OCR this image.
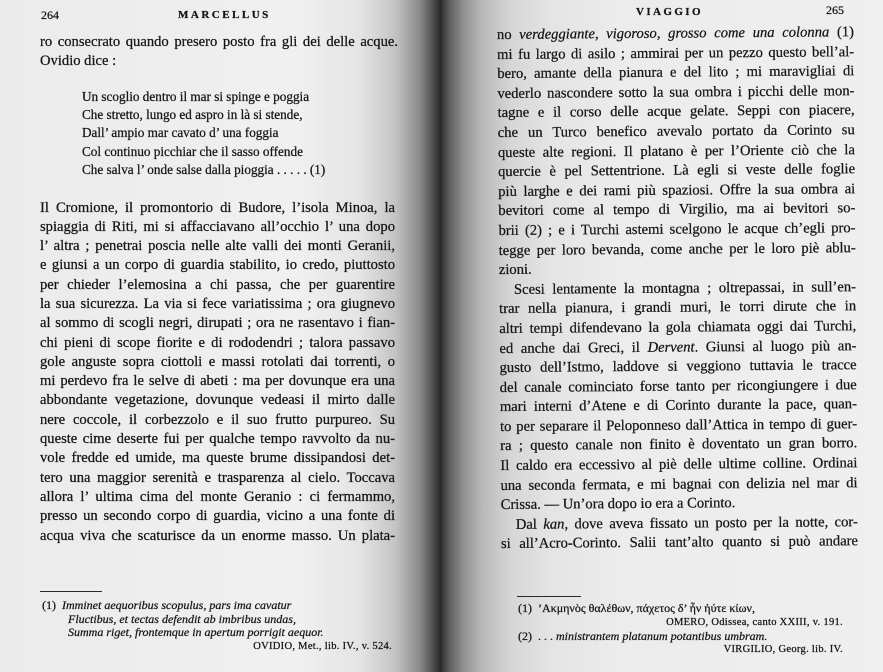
264	MARCELLUS
ro consecrato quando presero posto fra gli dei delle acque.
Ovidio dice :
Un scoglio dentro il mar si spinge e poggia
Che stretto, lungo ed aspro in là si stende,
Dall’ ampio mar cavato d’ una foggia
Col continuo picchiar che il sasso offende
Che salva l’ onde salse dalla pioggia . . . . . (1)
Il Cromione, il promontorio di Budore, l’isola Minoa, la
spiaggia di Riti, mi si affacciavano all’occhio l’ una dopo
l’ altra ; penetrai poscia nelle alte valli dei monti Geranii,
e giunsi a un corpo di guardia stabilito, io credo, piuttosto
per chieder l’elemosina a chi passa, che per guarentire
la sua sicurezza. La via si fece variatissima ; ora giugnevo
al sommo di scogli negri, dirupati ; ora ne rasentavo i fian-
chi pieni di scope fiorite e di rododendri ; talora passavo
gole anguste sopra ciottoli e massi rotolati dai torrenti, o
mi perdevo fra le selve di abeti : ma per dovunque era una
abbondante vegetazione, dovunque vedeasi il mirto dalle
nere coccole, il corbezzolo e il suo frutto purpureo. Su
queste cime deserte fui per qualche tempo ravvolto da nu-
vole fredde ed umide, ma queste brume dissipandosi det-
tero una maggior serenità e trasparenza al cielo. Toccava
allora l’ ultima cima del monte Geranio : ci fermammo,
presso un secondo corpo di guardia, vicino a una fonte di
acqua viva che scaturisce da un enorme masso. Un plata-
(1) Imminet aequoribus scopulus, pars ima cavatur
Fluctibus, et tectas defendit ab imbribus undas,
Summa riget, frontemque in apertum porrigit aequor.
OVIDIO, Met., lib. IV., v. 524.
VIAGGIO	265
no verdeggiante, vigoroso, grosso come una colonna (1)
mi fu largo di asilo ; ammirai per un pezzo questo bell’al-
bero, amante della pianura e del lito ; mi maravigliai di
vederlo nascondere sotto la sua ombra i picchi delle mon-
tagne e il corso delle acque gelate. Seppi con piacere,
che un Turco benefico avevalo portato da Corinto su
queste alte regioni. Il platano è per l’Oriente ciò che la
quercie è pel Settentrione. Là egli si veste delle foglie
più larghe e dei rami più spaziosi. Offre la sua ombra ai
bevitori come al tempo di Virgilio, ma ai bevitori so-
brii (2) ; e i Turchi astemi scelgono le acque ch’egli pro-
tegge per loro bevanda, come anche per le loro piè ablu-
zioni.
Scesi lentamente la montagna ; oltrepassai, in sull’en-
trar nella pianura, i grandi muri, le torri dirute che in
altri tempi difendevano la gola chiamata oggi dai Turchi,
ed anche dai Greci, il Dervent. Giunsi al luogo più an-
gusto dell’Istmo, laddove si veggiono tuttavia le tracce
del canale cominciato forse tanto per ricongiungere i due
mari interni d’Atene e di Corinto durante la pace, quan-
to per separare il Peloponneso dall’Attica in tempo di guer-
ra ; questo canale non finito è doventato un gran borro.
Il caldo era eccessivo al piè delle ultime colline. Ordinai
una seconda fermata, e mi bagnai con delizia nel mar di
Crissa. — Un’ora dopo io era a Corinto.
Dal kan, dove aveva fissato un posto per la notte, cor-
si all’Acro-Corinto. Salii tant’alto quanto si può andare
(1) ’Ακμηνὸς θαλέθων, πάχετος δ’ ἦν ἠύτε κίων,
OMERO, Odissea, canto XXIII, v. 191.
(2) . . . ministrantem platanum potantibus umbram.
VIRGILIO, Georg. lib. IV.
